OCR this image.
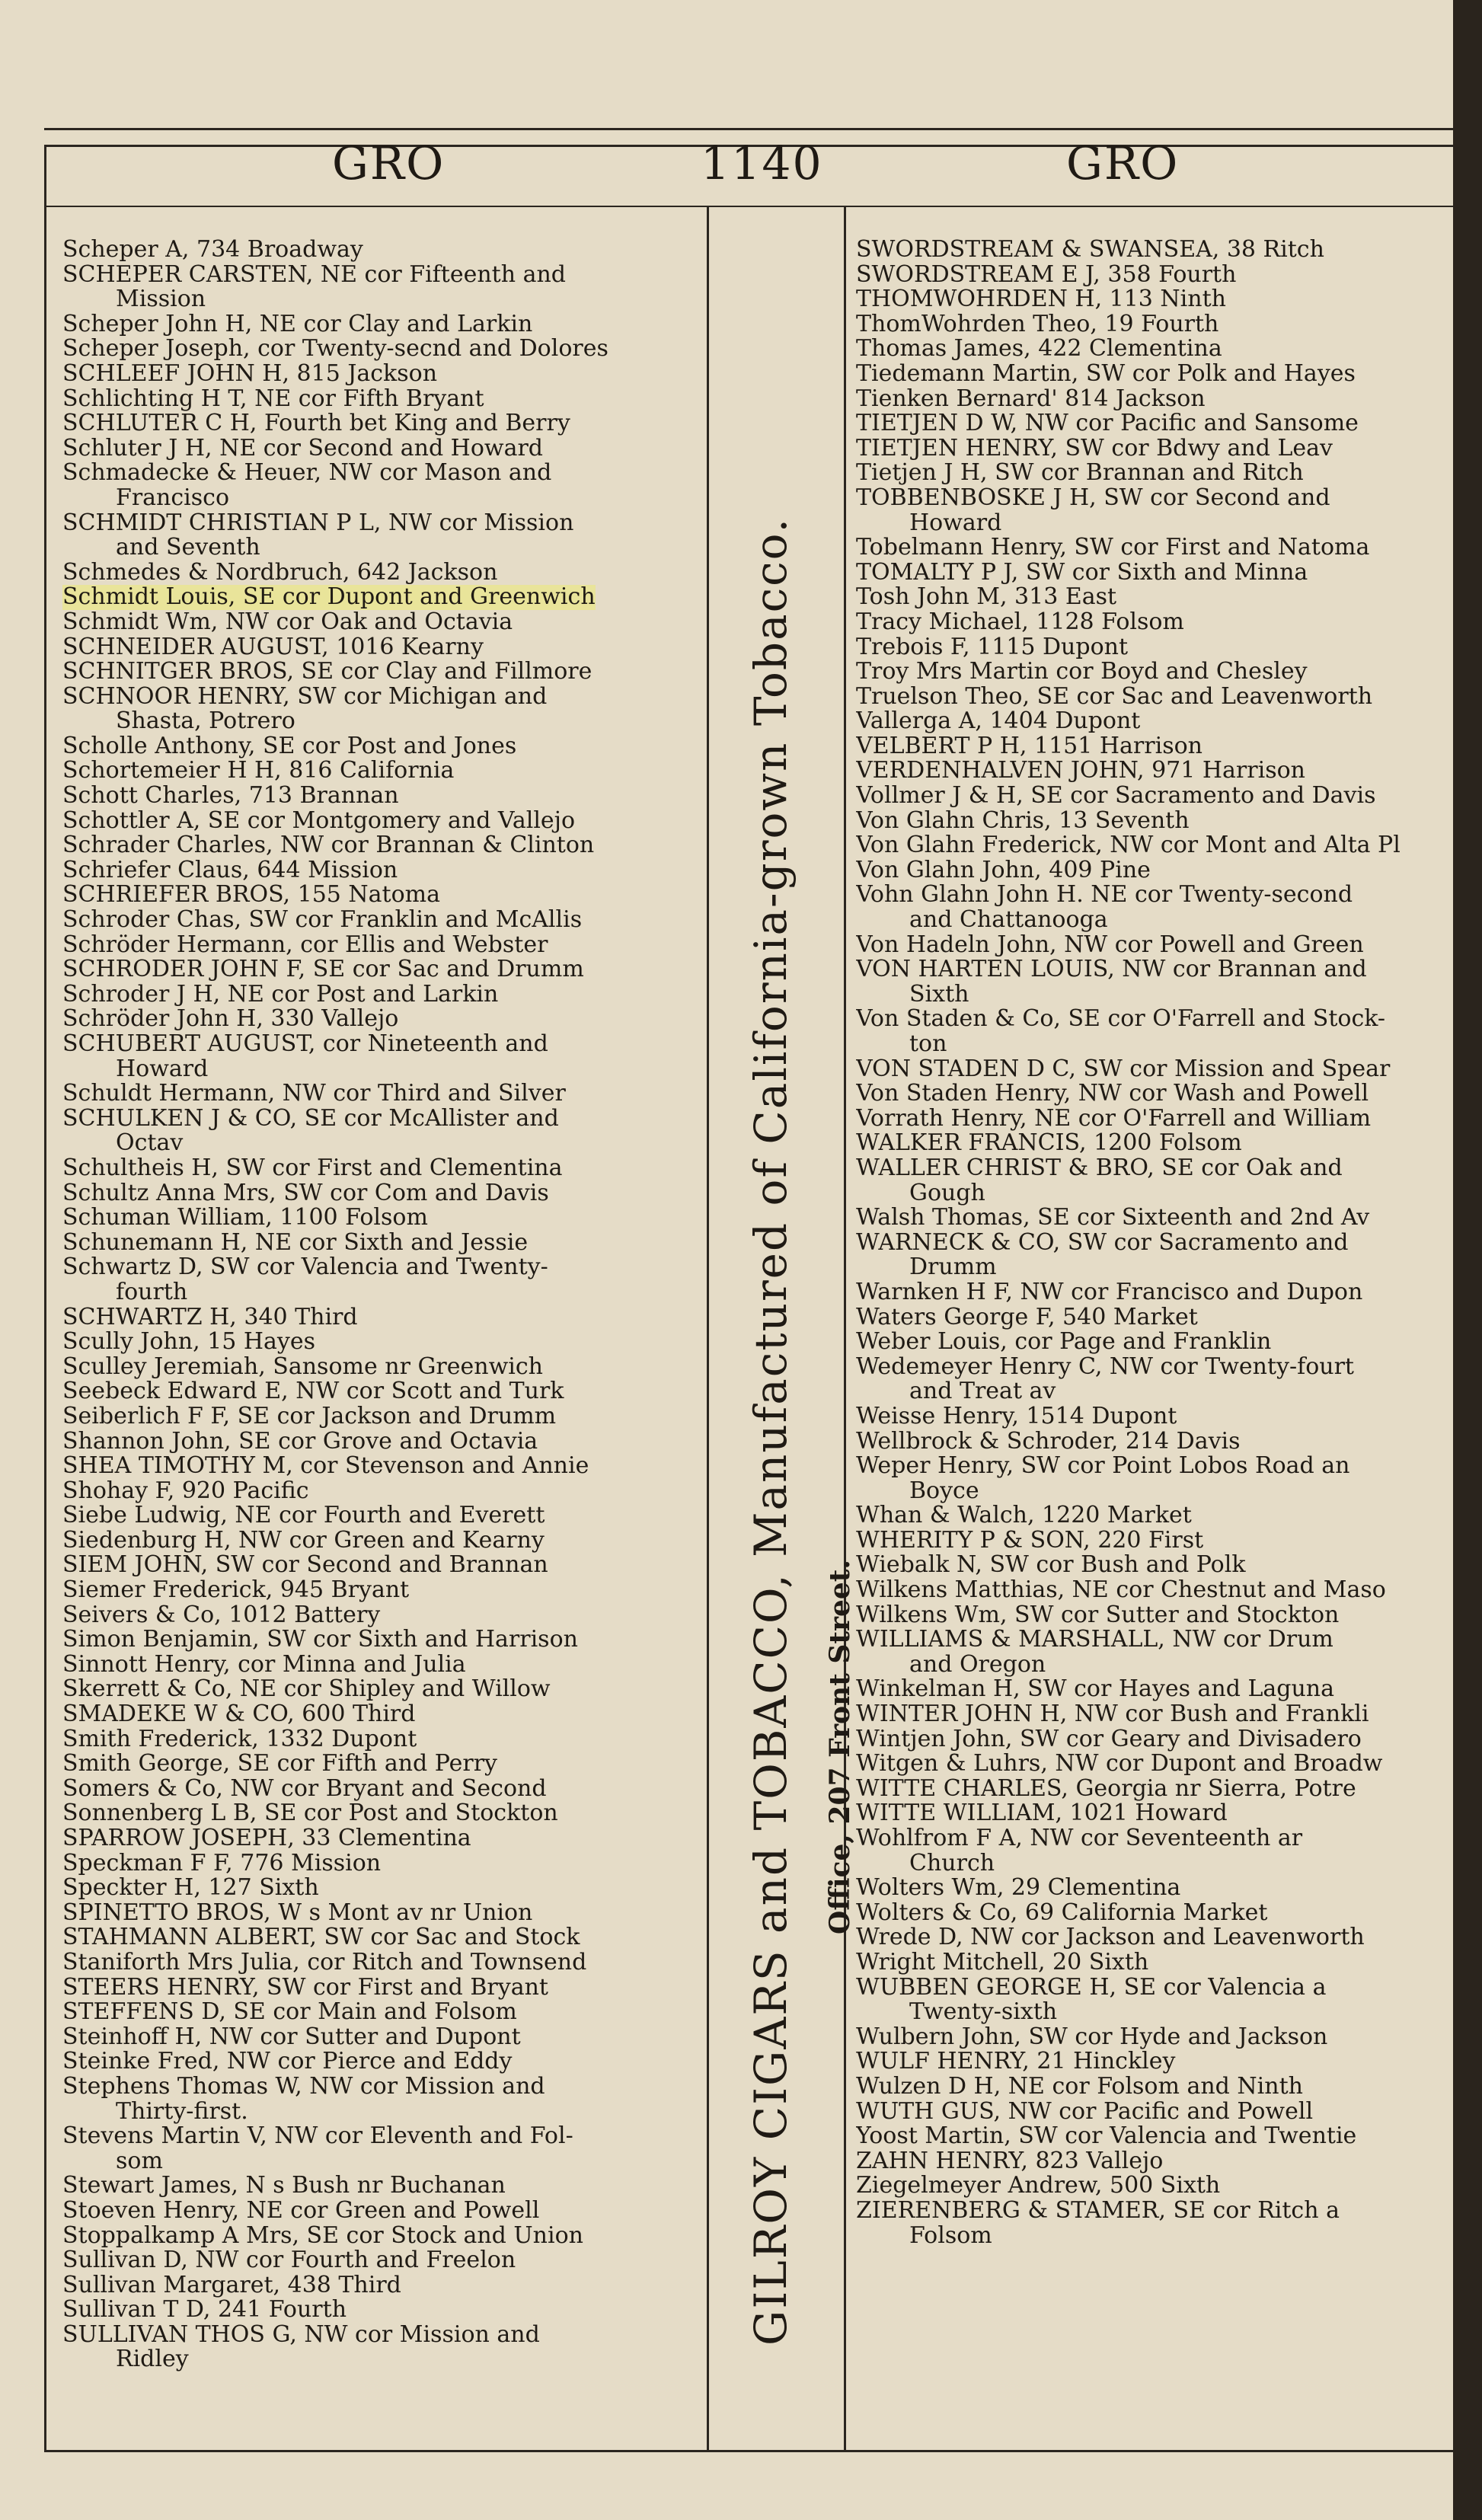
GRO	1140	GRO
Scheper A, 734 Broadway
SCHEPER CARSTEN, NE cor Fifteenth and
Mission
Scheper John H, NE cor Clay and Larkin
Scheper Joseph, cor Twenty-secnd and Dolores
SCHLEEF JOHN H, 815 Jackson
Schlichting H T, NE cor Fifth Bryant
SCHLUTER C H, Fourth bet King and Berry
Schluter J H, NE cor Second and Howard
Schmadecke & Heuer, NW cor Mason and
Francisco
SCHMIDT CHRISTIAN P L, NW cor Mission
and Seventh
Schmedes & Nordbruch, 642 Jackson
Schmidt Louis, SE cor Dupont and Greenwich
Schmidt Wm, NW cor Oak and Octavia
SCHNEIDER AUGUST, 1016 Kearny
SCHNITGER BROS, SE cor Clay and Fillmore
SCHNOOR HENRY, SW cor Michigan and
Shasta, Potrero
Scholle Anthony, SE cor Post and Jones
Schortemeier H H, 816 California
Schott Charles, 713 Brannan
Schottler A, SE cor Montgomery and Vallejo
Schrader Charles, NW cor Brannan & Clinton
Schriefer Claus, 644 Mission
SCHRIEFER BROS, 155 Natoma
Schroder Chas, SW cor Franklin and McAllis
Schröder Hermann, cor Ellis and Webster
SCHRODER JOHN F, SE cor Sac and Drumm
Schroder J H, NE cor Post and Larkin
Schröder John H, 330 Vallejo
SCHUBERT AUGUST, cor Nineteenth and
Howard
Schuldt Hermann, NW cor Third and Silver
SCHULKEN J & CO, SE cor McAllister and
Octav
Schultheis H, SW cor First and Clementina
Schultz Anna Mrs, SW cor Com and Davis
Schuman William, 1100 Folsom
Schunemann H, NE cor Sixth and Jessie
Schwartz D, SW cor Valencia and Twenty-
fourth
SCHWARTZ H, 340 Third
Scully John, 15 Hayes
Sculley Jeremiah, Sansome nr Greenwich
Seebeck Edward E, NW cor Scott and Turk
Seiberlich F F, SE cor Jackson and Drumm
Shannon John, SE cor Grove and Octavia
SHEA TIMOTHY M, cor Stevenson and Annie
Shohay F, 920 Pacific
Siebe Ludwig, NE cor Fourth and Everett
Siedenburg H, NW cor Green and Kearny
SIEM JOHN, SW cor Second and Brannan
Siemer Frederick, 945 Bryant
Seivers & Co, 1012 Battery
Simon Benjamin, SW cor Sixth and Harrison
Sinnott Henry, cor Minna and Julia
Skerrett & Co, NE cor Shipley and Willow
SMADEKE W & CO, 600 Third
Smith Frederick, 1332 Dupont
Smith George, SE cor Fifth and Perry
Somers & Co, NW cor Bryant and Second
Sonnenberg L B, SE cor Post and Stockton
SPARROW JOSEPH, 33 Clementina
Speckman F F, 776 Mission
Speckter H, 127 Sixth
SPINETTO BROS, W s Mont av nr Union
STAHMANN ALBERT, SW cor Sac and Stock
Staniforth Mrs Julia, cor Ritch and Townsend
STEERS HENRY, SW cor First and Bryant
STEFFENS D, SE cor Main and Folsom
Steinhoff H, NW cor Sutter and Dupont
Steinke Fred, NW cor Pierce and Eddy
Stephens Thomas W, NW cor Mission and
Thirty-first.
Stevens Martin V, NW cor Eleventh and Fol-
som
Stewart James, N s Bush nr Buchanan
Stoeven Henry, NE cor Green and Powell
Stoppalkamp A Mrs, SE cor Stock and Union
Sullivan D, NW cor Fourth and Freelon
Sullivan Margaret, 438 Third
Sullivan T D, 241 Fourth
SULLIVAN THOS G, NW cor Mission and
Ridley
SWORDSTREAM & SWANSEA, 38 Ritch
SWORDSTREAM E J, 358 Fourth
THOMWOHRDEN H, 113 Ninth
ThomWohrden Theo, 19 Fourth
Thomas James, 422 Clementina
Tiedemann Martin, SW cor Polk and Hayes
Tienken Bernard' 814 Jackson
TIETJEN D W, NW cor Pacific and Sansome
TIETJEN HENRY, SW cor Bdwy and Leav
Tietjen J H, SW cor Brannan and Ritch
TOBBENBOSKE J H, SW cor Second and
Howard
Tobelmann Henry, SW cor First and Natoma
TOMALTY P J, SW cor Sixth and Minna
Tosh John M, 313 East
Tracy Michael, 1128 Folsom
Trebois F, 1115 Dupont
Troy Mrs Martin cor Boyd and Chesley
Truelson Theo, SE cor Sac and Leavenworth
Vallerga A, 1404 Dupont
VELBERT P H, 1151 Harrison
VERDENHALVEN JOHN, 971 Harrison
Vollmer J & H, SE cor Sacramento and Davis
Von Glahn Chris, 13 Seventh
Von Glahn Frederick, NW cor Mont and Alta Pl
Von Glahn John, 409 Pine
Vohn Glahn John H. NE cor Twenty-second
and Chattanooga
Von Hadeln John, NW cor Powell and Green
VON HARTEN LOUIS, NW cor Brannan and
Sixth
Von Staden & Co, SE cor O'Farrell and Stock-
ton
VON STADEN D C, SW cor Mission and Spear
Von Staden Henry, NW cor Wash and Powell
Vorrath Henry, NE cor O'Farrell and William
WALKER FRANCIS, 1200 Folsom
WALLER CHRIST & BRO, SE cor Oak and
Gough
Walsh Thomas, SE cor Sixteenth and 2nd Av
WARNECK & CO, SW cor Sacramento and
Drumm
Warnken H F, NW cor Francisco and Dupon
Waters George F, 540 Market
Weber Louis, cor Page and Franklin
Wedemeyer Henry C, NW cor Twenty-fourt
and Treat av
Weisse Henry, 1514 Dupont
Wellbrock & Schroder, 214 Davis
Weper Henry, SW cor Point Lobos Road an
Boyce
Whan & Walch, 1220 Market
WHERITY P & SON, 220 First
Wiebalk N, SW cor Bush and Polk
Wilkens Matthias, NE cor Chestnut and Maso
Wilkens Wm, SW cor Sutter and Stockton
WILLIAMS & MARSHALL, NW cor Drum
and Oregon
Winkelman H, SW cor Hayes and Laguna
WINTER JOHN H, NW cor Bush and Frankli
Wintjen John, SW cor Geary and Divisadero
Witgen & Luhrs, NW cor Dupont and Broadw
WITTE CHARLES, Georgia nr Sierra, Potre
WITTE WILLIAM, 1021 Howard
Wohlfrom F A, NW cor Seventeenth ar
Church
Wolters Wm, 29 Clementina
Wolters & Co, 69 California Market
Wrede D, NW cor Jackson and Leavenworth
Wright Mitchell, 20 Sixth
WUBBEN GEORGE H, SE cor Valencia a
Twenty-sixth
Wulbern John, SW cor Hyde and Jackson
WULF HENRY, 21 Hinckley
Wulzen D H, NE cor Folsom and Ninth
WUTH GUS, NW cor Pacific and Powell
Yoost Martin, SW cor Valencia and Twentie
ZAHN HENRY, 823 Vallejo
Ziegelmeyer Andrew, 500 Sixth
ZIERENBERG & STAMER, SE cor Ritch a
Folsom
GILROY CIGARS and TOBACCO, Manufactured of California-grown Tobacco. Office, 207 Front Street.
